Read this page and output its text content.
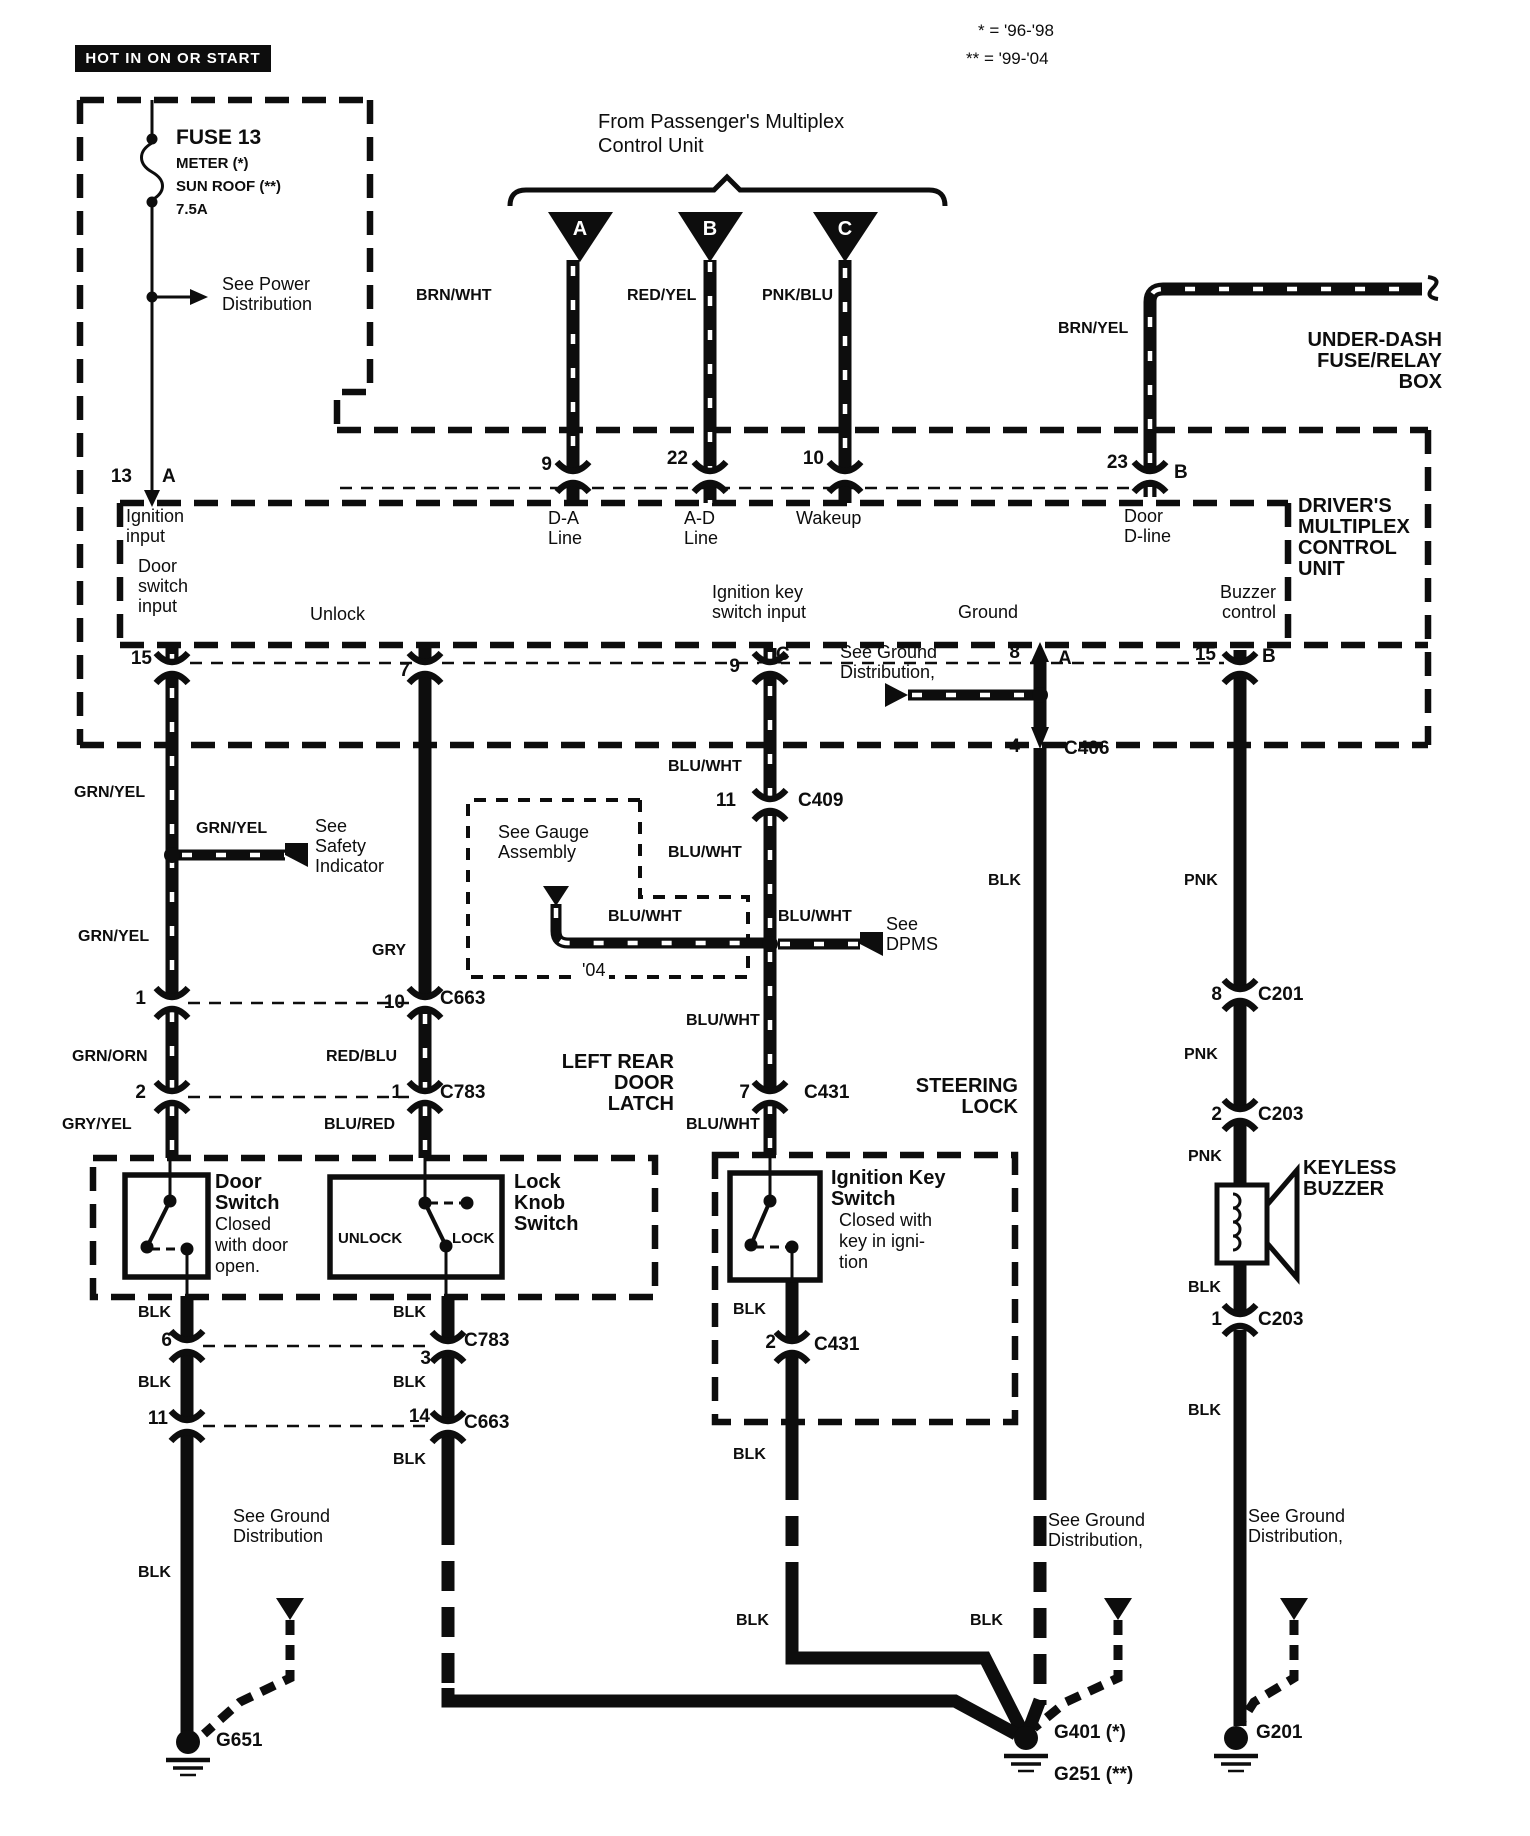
HOT IN ON OR START
* = '96-'98
** = '99-'04
FUSE 13
METER (*)
SUN ROOF (**)
7.5A
See Power
Distribution
From Passenger's Multiplex
Control Unit
A	B	C
BRN/WHT	RED/YEL	PNK/BLU
BRN/YEL
UNDER-DASH
FUSE/RELAY
BOX
13 A
9	22	10	23 B
Ignition
input
D-A
Line
A-D
Line
Wakeup	Door
D-line
DRIVER'S
MULTIPLEX
CONTROL
UNIT
Door
switch
input	Unlock
Ignition key
switch input	Ground
Buzzer
control
15
7	9
C	8 A	15 B
See Ground
Distribution,
4 C406
GRN/YEL
GRN/YEL	See
Safety
Indicator
GRN/YEL
GRY
BLU/WHT
11	C409
BLU/WHT
See Gauge
Assembly
BLU/WHT	BLU/WHT See
DPMS
'04
1	10 C663
GRN/ORN	RED/BLU
2	1 C783
GRY/YEL	BLU/RED
LEFT REAR
DOOR
LATCH
BLU/WHT
7	C431	STEERING
LOCK
BLU/WHT
Door
Switch
Closed
with door
open.
UNLOCK	LOCK
Lock
Knob
Switch
Ignition Key
Switch
Closed with
key in igni-
tion
BLK	PNK
8 C201
PNK
2 C203
PNK
KEYLESS
BUZZER
BLK
1 C203
BLK
BLK	BLK	BLK
6
3
C783	2 C431
BLK	BLK
11	14 C663
BLK	BLK
See Ground
Distribution
See Ground
Distribution,
See Ground
Distribution,
BLK
BLK	BLK
G651	G401 (*)
G251 (**)
G201
